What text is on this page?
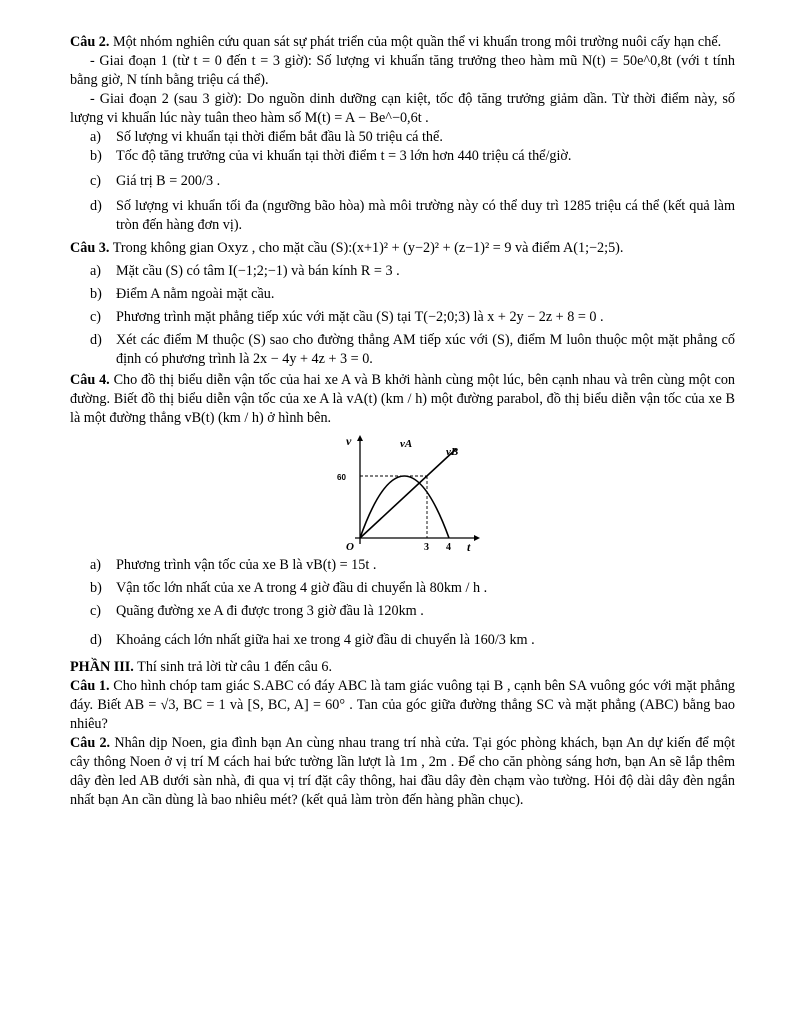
Câu 2. Một nhóm nghiên cứu quan sát sự phát triển của một quần thể vi khuẩn trong môi trường nuôi cấy hạn chế.

- Giai đoạn 1 (từ t = 0 đến t = 3 giờ): Số lượng vi khuẩn tăng trưởng theo hàm mũ N(t) = 50e^0,8t (với t tính bằng giờ, N tính bằng triệu cá thể).

- Giai đoạn 2 (sau 3 giờ): Do nguồn dinh dưỡng cạn kiệt, tốc độ tăng trưởng giảm dần. Từ thời điểm này, số lượng vi khuẩn lúc này tuân theo hàm số M(t) = A − Be^−0,6t .

a)	Số lượng vi khuẩn tại thời điểm bắt đầu là 50 triệu cá thể.
b) Tốc độ tăng trưởng của vi khuẩn tại thời điểm t = 3 lớn hơn 440 triệu cá thể/giờ.
c)	Giá trị B = 200/3 .
d) Số lượng vi khuẩn tối đa (ngưỡng bão hòa) mà môi trường này có thể duy trì 1285 triệu cá thể (kết quả làm tròn đến hàng đơn vị).

Câu 3. Trong không gian Oxyz , cho mặt cầu (S):(x+1)² + (y−2)² + (z−1)² = 9 và điểm A(1;−2;5).

a)	Mặt cầu (S) có tâm I(−1;2;−1) và bán kính R = 3 .
b) Điểm A nằm ngoài mặt cầu.
c)	Phương trình mặt phẳng tiếp xúc với mặt cầu (S) tại T(−2;0;3) là x + 2y − 2z + 8 = 0 .
d) Xét các điểm M thuộc (S) sao cho đường thẳng AM tiếp xúc với (S), điểm M luôn thuộc một mặt phẳng cố định có phương trình là 2x − 4y + 4z + 3 = 0.

Câu 4. Cho đồ thị biểu diễn vận tốc của hai xe A và B khởi hành cùng một lúc, bên cạnh nhau và trên cùng một con đường. Biết đồ thị biểu diễn vận tốc của xe A là vA(t) (km / h) một đường parabol, đồ thị biểu diễn vận tốc của xe B là một đường thẳng vB(t) (km / h) ở hình bên.

v
t
O
60
3 4
vA
vB
a)	Phương trình vận tốc của xe B là vB(t) = 15t .
b) Vận tốc lớn nhất của xe A trong 4 giờ đầu di chuyển là 80km / h .
c)	Quãng đường xe A đi được trong 3 giờ đầu là 120km .
d) Khoảng cách lớn nhất giữa hai xe trong 4 giờ đầu di chuyển là 160/3 km .

PHẦN III. Thí sinh trả lời từ câu 1 đến câu 6.

Câu 1. Cho hình chóp tam giác S.ABC có đáy ABC là tam giác vuông tại B , cạnh bên SA vuông góc với mặt phẳng đáy. Biết AB = √3, BC = 1 và [S, BC, A] = 60° . Tan của góc giữa đường thẳng SC và mặt phẳng (ABC) bằng bao nhiêu?

Câu 2. Nhân dịp Noen, gia đình bạn An cùng nhau trang trí nhà cửa. Tại góc phòng khách, bạn An dự kiến để một cây thông Noen ở vị trí M cách hai bức tường lần lượt là 1m , 2m . Để cho căn phòng sáng hơn, bạn An sẽ lắp thêm dây đèn led AB dưới sàn nhà, đi qua vị trí đặt cây thông, hai đầu dây đèn chạm vào tường. Hỏi độ dài dây đèn ngắn nhất bạn An cần dùng là bao nhiêu mét? (kết quả làm tròn đến hàng phần chục).
